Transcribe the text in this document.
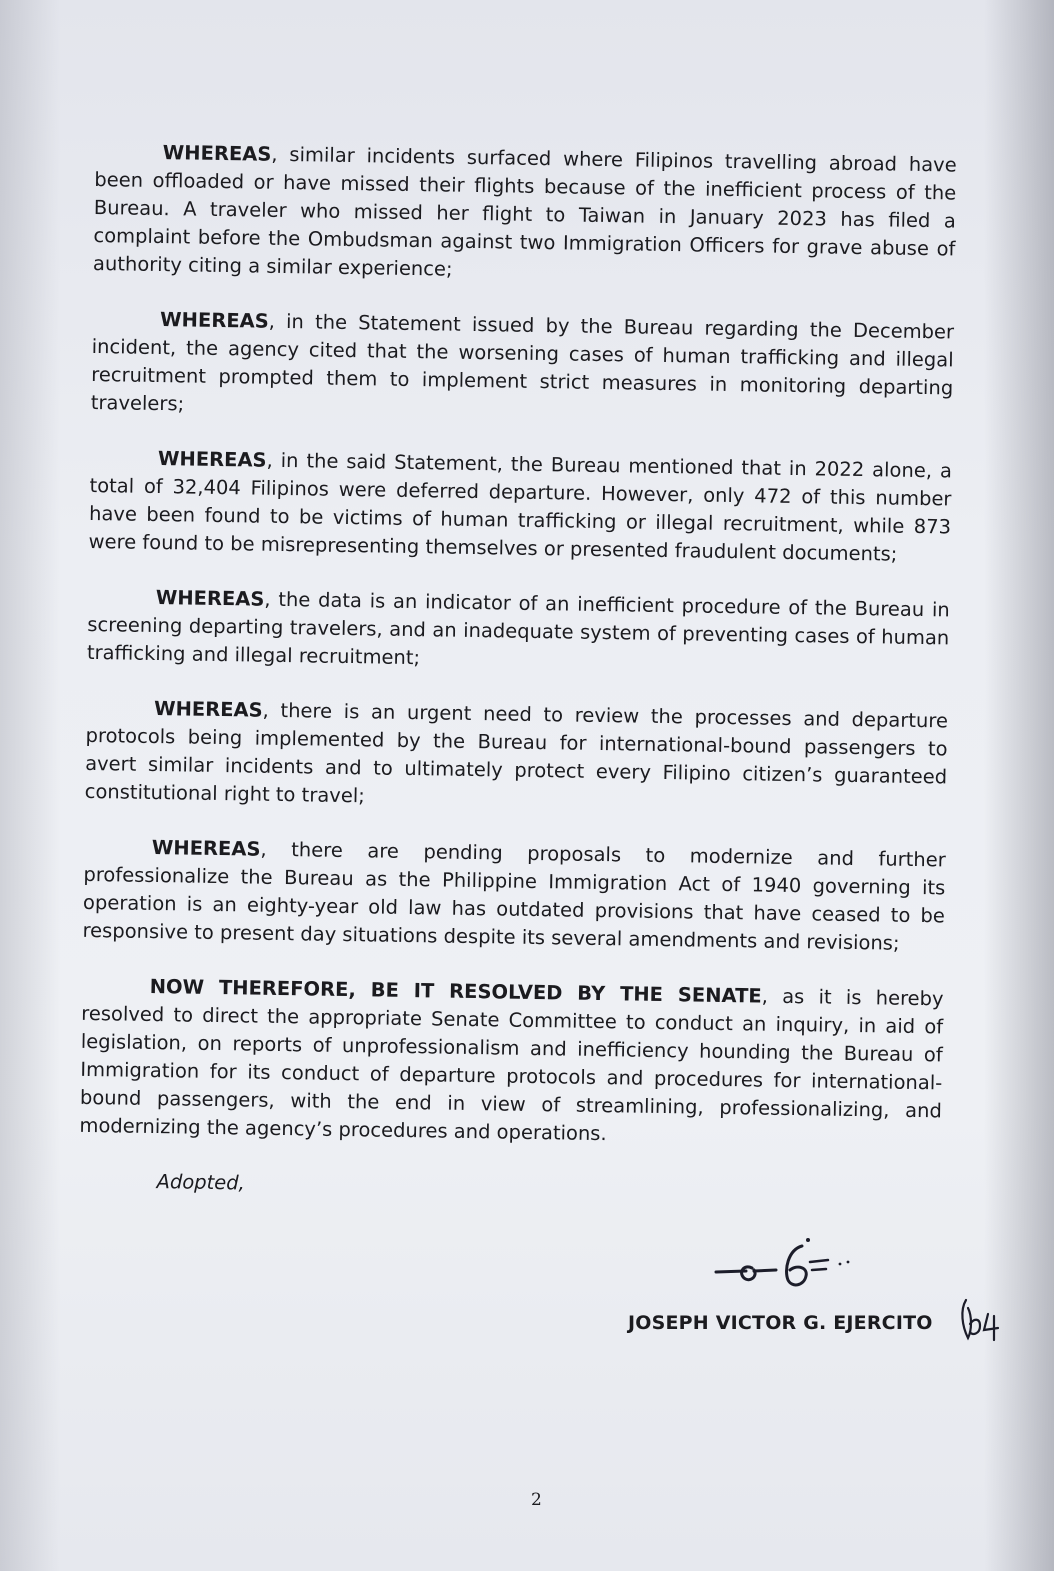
WHEREAS, similar incidents surfaced where Filipinos travelling abroad have been offloaded or have missed their flights because of the inefficient process of the Bureau. A traveler who missed her flight to Taiwan in January 2023 has filed a complaint before the Ombudsman against two Immigration Officers for grave abuse of authority citing a similar experience;

WHEREAS, in the Statement issued by the Bureau regarding the December incident, the agency cited that the worsening cases of human trafficking and illegal recruitment prompted them to implement strict measures in monitoring departing travelers;

WHEREAS, in the said Statement, the Bureau mentioned that in 2022 alone, a total of 32,404 Filipinos were deferred departure. However, only 472 of this number have been found to be victims of human trafficking or illegal recruitment, while 873 were found to be misrepresenting themselves or presented fraudulent documents;

WHEREAS, the data is an indicator of an inefficient procedure of the Bureau in screening departing travelers, and an inadequate system of preventing cases of human trafficking and illegal recruitment;

WHEREAS, there is an urgent need to review the processes and departure protocols being implemented by the Bureau for international-bound passengers to avert similar incidents and to ultimately protect every Filipino citizen’s guaranteed constitutional right to travel;

WHEREAS, there are pending proposals to modernize and further professionalize the Bureau as the Philippine Immigration Act of 1940 governing its operation is an eighty-year old law has outdated provisions that have ceased to be responsive to present day situations despite its several amendments and revisions;

NOW THEREFORE, BE IT RESOLVED BY THE SENATE, as it is hereby resolved to direct the appropriate Senate Committee to conduct an inquiry, in aid of legislation, on reports of unprofessionalism and inefficiency hounding the Bureau of Immigration for its conduct of departure protocols and procedures for international-bound passengers, with the end in view of streamlining, professionalizing, and modernizing the agency’s procedures and operations.

Adopted,
JOSEPH VICTOR G. EJERCITO
2
